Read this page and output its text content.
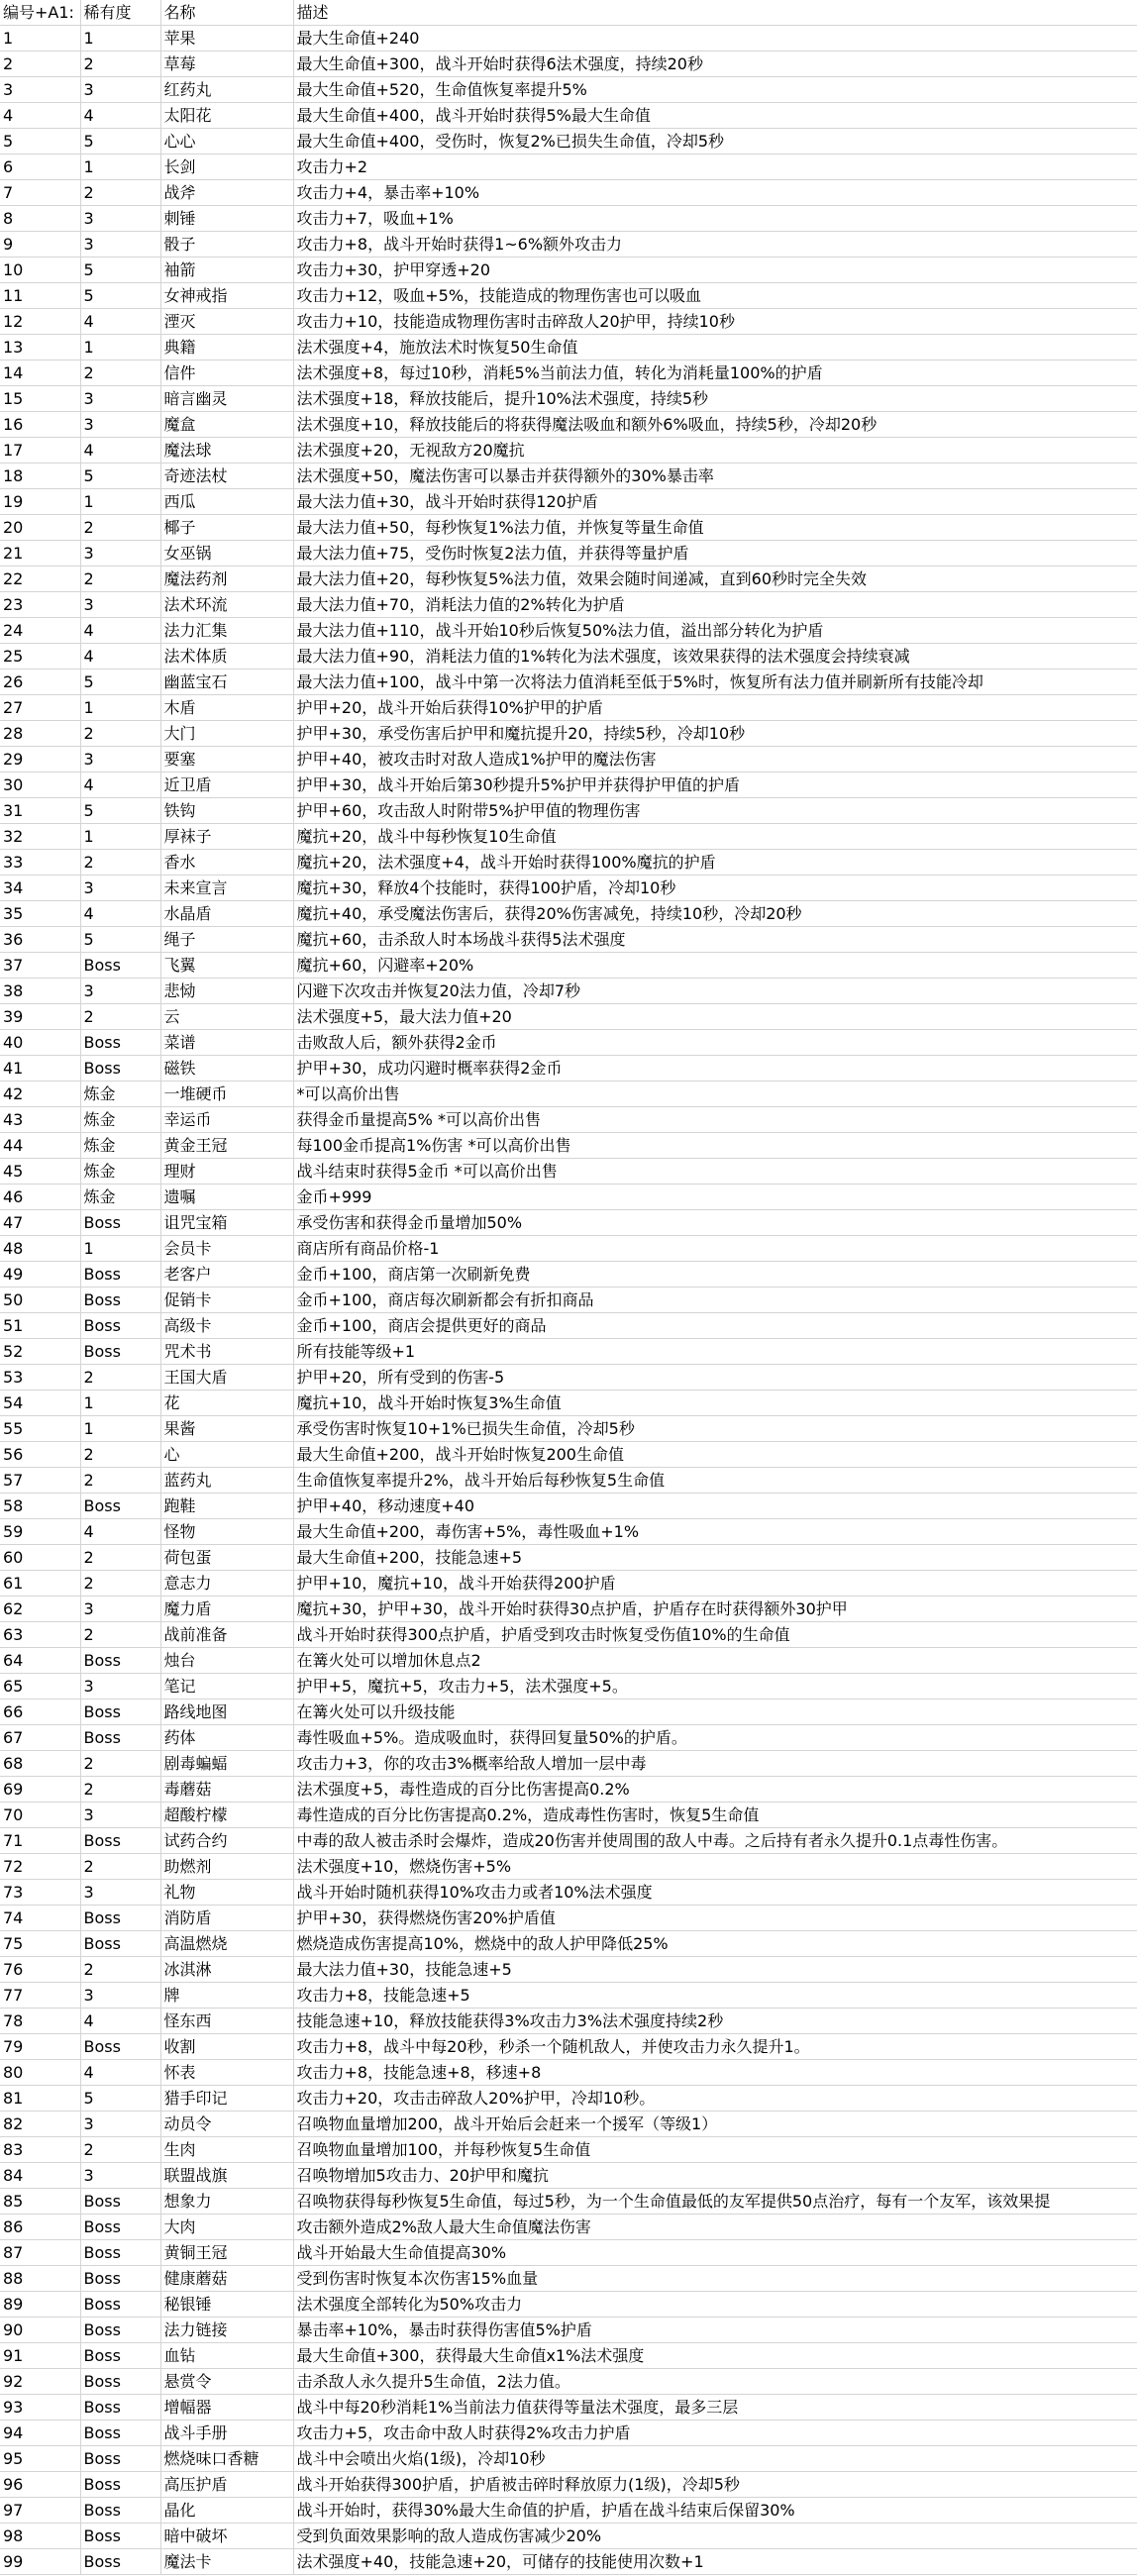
编号+A1:	稀有度	名称	描述
1	1	苹果	最大生命值+240
2	2	草莓	最大生命值+300，战斗开始时获得6法术强度，持续20秒
3	3	红药丸	最大生命值+520，生命值恢复率提升5%
4	4	太阳花	最大生命值+400，战斗开始时获得5%最大生命值
5	5	心心	最大生命值+400，受伤时，恢复2%已损失生命值，冷却5秒
6	1	长剑	攻击力+2
7	2	战斧	攻击力+4，暴击率+10%
8	3	刺锤	攻击力+7，吸血+1%
9	3	骰子	攻击力+8，战斗开始时获得1~6%额外攻击力
10	5	袖箭	攻击力+30，护甲穿透+20
11	5	女神戒指	攻击力+12，吸血+5%，技能造成的物理伤害也可以吸血
12	4	湮灭	攻击力+10，技能造成物理伤害时击碎敌人20护甲，持续10秒
13	1	典籍	法术强度+4，施放法术时恢复50生命值
14	2	信件	法术强度+8，每过10秒，消耗5%当前法力值，转化为消耗量100%的护盾
15	3	暗言幽灵	法术强度+18，释放技能后，提升10%法术强度，持续5秒
16	3	魔盒	法术强度+10，释放技能后的将获得魔法吸血和额外6%吸血，持续5秒，冷却20秒
17	4	魔法球	法术强度+20，无视敌方20魔抗
18	5	奇迹法杖	法术强度+50，魔法伤害可以暴击并获得额外的30%暴击率
19	1	西瓜	最大法力值+30，战斗开始时获得120护盾
20	2	椰子	最大法力值+50，每秒恢复1%法力值，并恢复等量生命值
21	3	女巫锅	最大法力值+75，受伤时恢复2法力值，并获得等量护盾
22	2	魔法药剂	最大法力值+20，每秒恢复5%法力值，效果会随时间递减，直到60秒时完全失效
23	3	法术环流	最大法力值+70，消耗法力值的2%转化为护盾
24	4	法力汇集	最大法力值+110，战斗开始10秒后恢复50%法力值，溢出部分转化为护盾
25	4	法术体质	最大法力值+90，消耗法力值的1%转化为法术强度，该效果获得的法术强度会持续衰减
26	5	幽蓝宝石	最大法力值+100，战斗中第一次将法力值消耗至低于5%时，恢复所有法力值并刷新所有技能冷却
27	1	木盾	护甲+20，战斗开始后获得10%护甲的护盾
28	2	大门	护甲+30，承受伤害后护甲和魔抗提升20，持续5秒，冷却10秒
29	3	要塞	护甲+40，被攻击时对敌人造成1%护甲的魔法伤害
30	4	近卫盾	护甲+30，战斗开始后第30秒提升5%护甲并获得护甲值的护盾
31	5	铁钩	护甲+60，攻击敌人时附带5%护甲值的物理伤害
32	1	厚袜子	魔抗+20，战斗中每秒恢复10生命值
33	2	香水	魔抗+20，法术强度+4，战斗开始时获得100%魔抗的护盾
34	3	未来宣言	魔抗+30，释放4个技能时，获得100护盾，冷却10秒
35	4	水晶盾	魔抗+40，承受魔法伤害后，获得20%伤害减免，持续10秒，冷却20秒
36	5	绳子	魔抗+60，击杀敌人时本场战斗获得5法术强度
37	Boss	飞翼	魔抗+60，闪避率+20%
38	3	悲恸	闪避下次攻击并恢复20法力值，冷却7秒
39	2	云	法术强度+5，最大法力值+20
40	Boss	菜谱	击败敌人后，额外获得2金币
41	Boss	磁铁	护甲+30，成功闪避时概率获得2金币
42	炼金	一堆硬币	*可以高价出售
43	炼金	幸运币	获得金币量提高5% *可以高价出售
44	炼金	黄金王冠	每100金币提高1%伤害 *可以高价出售
45	炼金	理财	战斗结束时获得5金币 *可以高价出售
46	炼金	遗嘱	金币+999
47	Boss	诅咒宝箱	承受伤害和获得金币量增加50%
48	1	会员卡	商店所有商品价格-1
49	Boss	老客户	金币+100，商店第一次刷新免费
50	Boss	促销卡	金币+100，商店每次刷新都会有折扣商品
51	Boss	高级卡	金币+100，商店会提供更好的商品
52	Boss	咒术书	所有技能等级+1
53	2	王国大盾	护甲+20，所有受到的伤害-5
54	1	花	魔抗+10，战斗开始时恢复3%生命值
55	1	果酱	承受伤害时恢复10+1%已损失生命值，冷却5秒
56	2	心	最大生命值+200，战斗开始时恢复200生命值
57	2	蓝药丸	生命值恢复率提升2%，战斗开始后每秒恢复5生命值
58	Boss	跑鞋	护甲+40，移动速度+40
59	4	怪物	最大生命值+200，毒伤害+5%，毒性吸血+1%
60	2	荷包蛋	最大生命值+200，技能急速+5
61	2	意志力	护甲+10，魔抗+10，战斗开始获得200护盾
62	3	魔力盾	魔抗+30，护甲+30，战斗开始时获得30点护盾，护盾存在时获得额外30护甲
63	2	战前准备	战斗开始时获得300点护盾，护盾受到攻击时恢复受伤值10%的生命值
64	Boss	烛台	在篝火处可以增加休息点2
65	3	笔记	护甲+5，魔抗+5，攻击力+5，法术强度+5。
66	Boss	路线地图	在篝火处可以升级技能
67	Boss	药体	毒性吸血+5%。造成吸血时，获得回复量50%的护盾。
68	2	剧毒蝙蝠	攻击力+3，你的攻击3%概率给敌人增加一层中毒
69	2	毒蘑菇	法术强度+5，毒性造成的百分比伤害提高0.2%
70	3	超酸柠檬	毒性造成的百分比伤害提高0.2%，造成毒性伤害时，恢复5生命值
71	Boss	试药合约	中毒的敌人被击杀时会爆炸，造成20伤害并使周围的敌人中毒。之后持有者永久提升0.1点毒性伤害。
72	2	助燃剂	法术强度+10，燃烧伤害+5%
73	3	礼物	战斗开始时随机获得10%攻击力或者10%法术强度
74	Boss	消防盾	护甲+30，获得燃烧伤害20%护盾值
75	Boss	高温燃烧	燃烧造成伤害提高10%，燃烧中的敌人护甲降低25%
76	2	冰淇淋	最大法力值+30，技能急速+5
77	3	牌	攻击力+8，技能急速+5
78	4	怪东西	技能急速+10，释放技能获得3%攻击力3%法术强度持续2秒
79	Boss	收割	攻击力+8，战斗中每20秒，秒杀一个随机敌人，并使攻击力永久提升1。
80	4	怀表	攻击力+8，技能急速+8，移速+8
81	5	猎手印记	攻击力+20，攻击击碎敌人20%护甲，冷却10秒。
82	3	动员令	召唤物血量增加200，战斗开始后会赶来一个援军（等级1）
83	2	生肉	召唤物血量增加100，并每秒恢复5生命值
84	3	联盟战旗	召唤物增加5攻击力、20护甲和魔抗
85	Boss	想象力	召唤物获得每秒恢复5生命值，每过5秒，为一个生命值最低的友军提供50点治疗，每有一个友军，该效果提
86	Boss	大肉	攻击额外造成2%敌人最大生命值魔法伤害
87	Boss	黄铜王冠	战斗开始最大生命值提高30%
88	Boss	健康蘑菇	受到伤害时恢复本次伤害15%血量
89	Boss	秘银锤	法术强度全部转化为50%攻击力
90	Boss	法力链接	暴击率+10%，暴击时获得伤害值5%护盾
91	Boss	血钻	最大生命值+300，获得最大生命值x1%法术强度
92	Boss	悬赏令	击杀敌人永久提升5生命值，2法力值。
93	Boss	增幅器	战斗中每20秒消耗1%当前法力值获得等量法术强度，最多三层
94	Boss	战斗手册	攻击力+5，攻击命中敌人时获得2%攻击力护盾
95	Boss	燃烧味口香糖	战斗中会喷出火焰(1级)，冷却10秒
96	Boss	高压护盾	战斗开始获得300护盾，护盾被击碎时释放原力(1级)，冷却5秒
97	Boss	晶化	战斗开始时，获得30%最大生命值的护盾，护盾在战斗结束后保留30%
98	Boss	暗中破坏	受到负面效果影响的敌人造成伤害减少20%
99	Boss	魔法卡	法术强度+40，技能急速+20，可储存的技能使用次数+1
